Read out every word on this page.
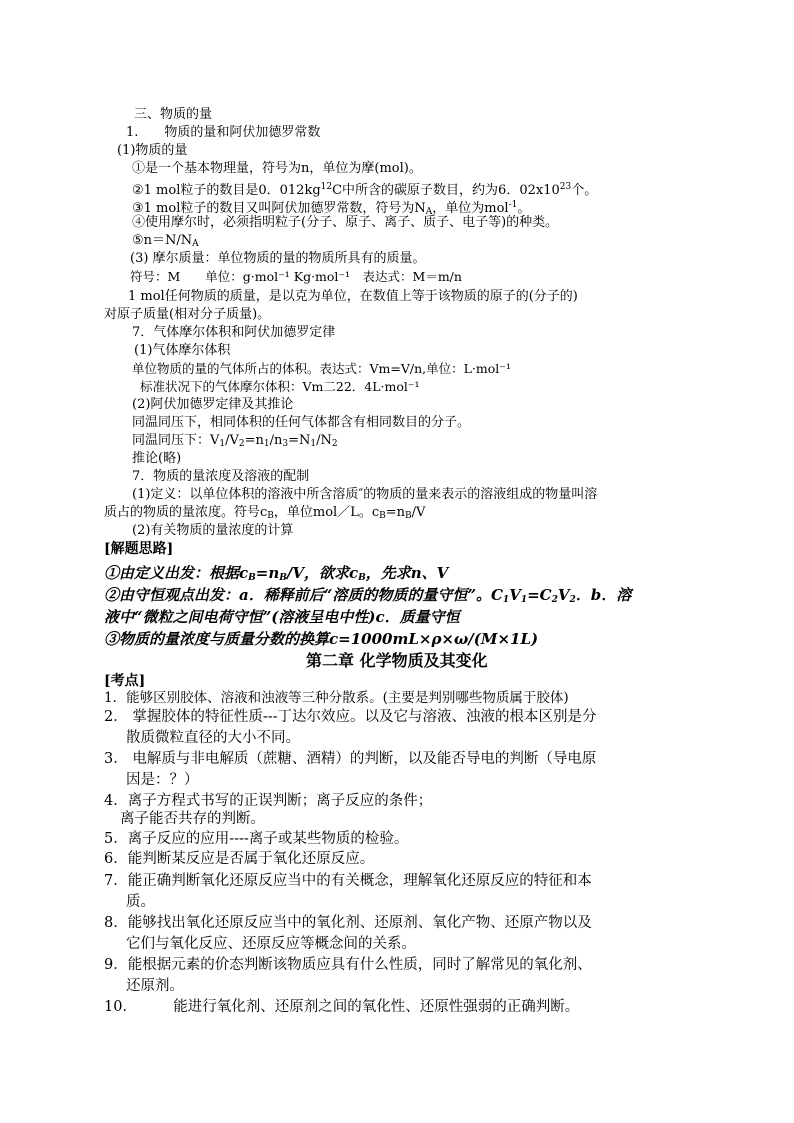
三、物质的量
1.　　物质的量和阿伏加德罗常数
(1)物质的量
①是一个基本物理量，符号为n，单位为摩(mol)。
②1 mol粒子的数目是0．$012kg^{12}C$中所含的碳原子数目，约为6．$02x10^{23}$个。
③1 mol粒子的数目又叫阿伏加德罗常数，符号为$N_A$，单位为mol$^{-1}$。
④使用摩尔时，必须指明粒子(分子、原子、离子、质子、电子等)的种类。
$⑤n=N/N_A$
(3) 摩尔质量：单位物质的量的物质所具有的质量。
符号：M　　单位：g·mol⁻¹ Kg·mol⁻¹　表达式：M＝m/n
1 mol任何物质的质量，是以克为单位，在数值上等于该物质的原子的(分子的)
对原子质量(相对分子质量)。
7．气体摩尔体积和阿伏加德罗定律
(1)气体摩尔体积
单位物质的量的气体所占的体积。表达式：Vm=V/n,单位：L·mol⁻¹
标准状况下的气体摩尔体积：Vm二22．4L·mol⁻¹
(2)阿伏加德罗定律及其推论
同温同压下，相同体积的任何气体都含有相同数目的分子。
同温同压下：$V_1/V_2=n_1/n_3=N_1/N_2$
推论(略)
7．物质的量浓度及溶液的配制
(1)定义：以单位体积的溶液中所含溶质″的物质的量来表示的溶液组成的物量叫溶
质占的物质的量浓度。符号$c_B$，单位mol／L。$c_B=n_B/V$
(2)有关物质的量浓度的计算
[解题思路]
①由定义出发：根据$c_B=n_B/V$，欲求$c_B$，先求n、V
②由守恒观点出发：a．稀释前后“溶质的物质的量守恒”。$C_1V_1=C_2V_2$．b．溶
液中“微粒之间电荷守恒”(溶液呈电中性)c．质量守恒
③物质的量浓度与质量分数的换算c=1000mL×ρ×ω/(M×1L)
第二章 化学物质及其变化
[考点]
1．能够区别胶体、溶液和浊液等三种分散系。(主要是判别哪些物质属于胶体)
2． 掌握胶体的特征性质---丁达尔效应。以及它与溶液、浊液的根本区别是分
散质微粒直径的大小不同。
3． 电解质与非电解质（蔗糖、酒精）的判断，以及能否导电的判断（导电原
因是：？）
4．离子方程式书写的正误判断；离子反应的条件；
离子能否共存的判断。
5．离子反应的应用----离子或某些物质的检验。
6．能判断某反应是否属于氧化还原反应。
7．能正确判断氧化还原反应当中的有关概念，理解氧化还原反应的特征和本
质。
8．能够找出氧化还原反应当中的氧化剂、还原剂、氧化产物、还原产物以及
它们与氧化反应、还原反应等概念间的关系。
9．能根据元素的价态判断该物质应具有什么性质，同时了解常见的氧化剂、
还原剂。
10．　　　能进行氧化剂、还原剂之间的氧化性、还原性强弱的正确判断。
